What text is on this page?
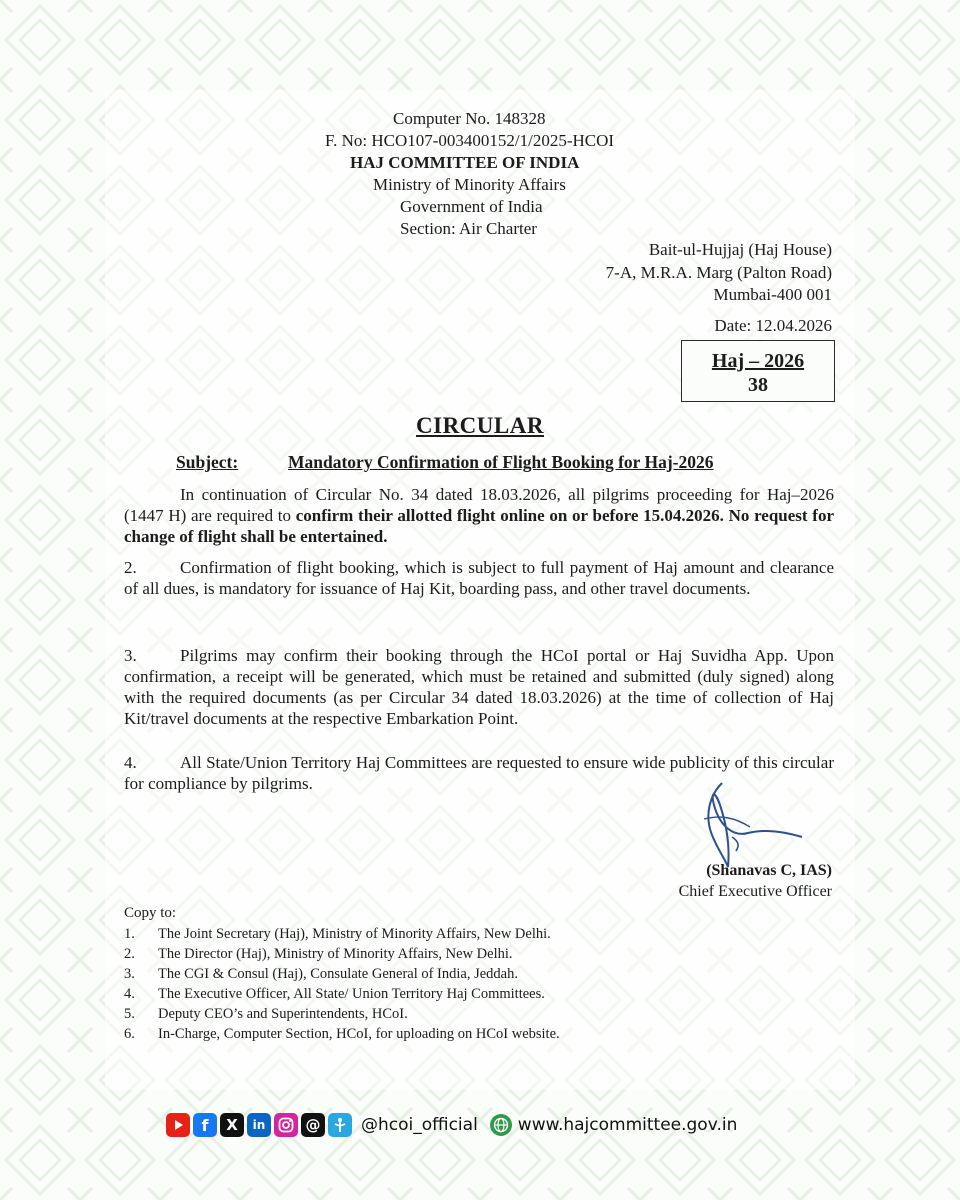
Computer No. 148328
F. No: HCO107-003400152/1/2025-HCOI
HAJ COMMITTEE OF INDIA
Ministry of Minority Affairs
Government of India
Section: Air Charter
Bait-ul-Hujjaj (Haj House)
7-A, M.R.A. Marg (Palton Road)
Mumbai-400 001
Date: 12.04.2026
Haj – 2026
38
CIRCULAR
Subject:	Mandatory Confirmation of Flight Booking for Haj-2026
In continuation of Circular No. 34 dated 18.03.2026, all pilgrims proceeding for Haj–2026 (1447 H) are required to confirm their allotted flight online on or before 15.04.2026. No request for change of flight shall be entertained.
2.	Confirmation of flight booking, which is subject to full payment of Haj amount and clearance of all dues, is mandatory for issuance of Haj Kit, boarding pass, and other travel documents.
3.	Pilgrims may confirm their booking through the HCoI portal or Haj Suvidha App. Upon confirmation, a receipt will be generated, which must be retained and submitted (duly signed) along with the required documents (as per Circular 34 dated 18.03.2026) at the time of collection of Haj Kit/travel documents at the respective Embarkation Point.
4.	All State/Union Territory Haj Committees are requested to ensure wide publicity of this circular for compliance by pilgrims.
(Shanavas C, IAS)
Chief Executive Officer
Copy to:
1. The Joint Secretary (Haj), Ministry of Minority Affairs, New Delhi.
2. The Director (Haj), Ministry of Minority Affairs, New Delhi.
3. The CGI & Consul (Haj), Consulate General of India, Jeddah.
4. The Executive Officer, All State/ Union Territory Haj Committees.
5. Deputy CEO’s and Superintendents, HCoI.
6. In-Charge, Computer Section, HCoI, for uploading on HCoI website.
f	X	in	@ @hcoi_official www.hajcommittee.gov.in
